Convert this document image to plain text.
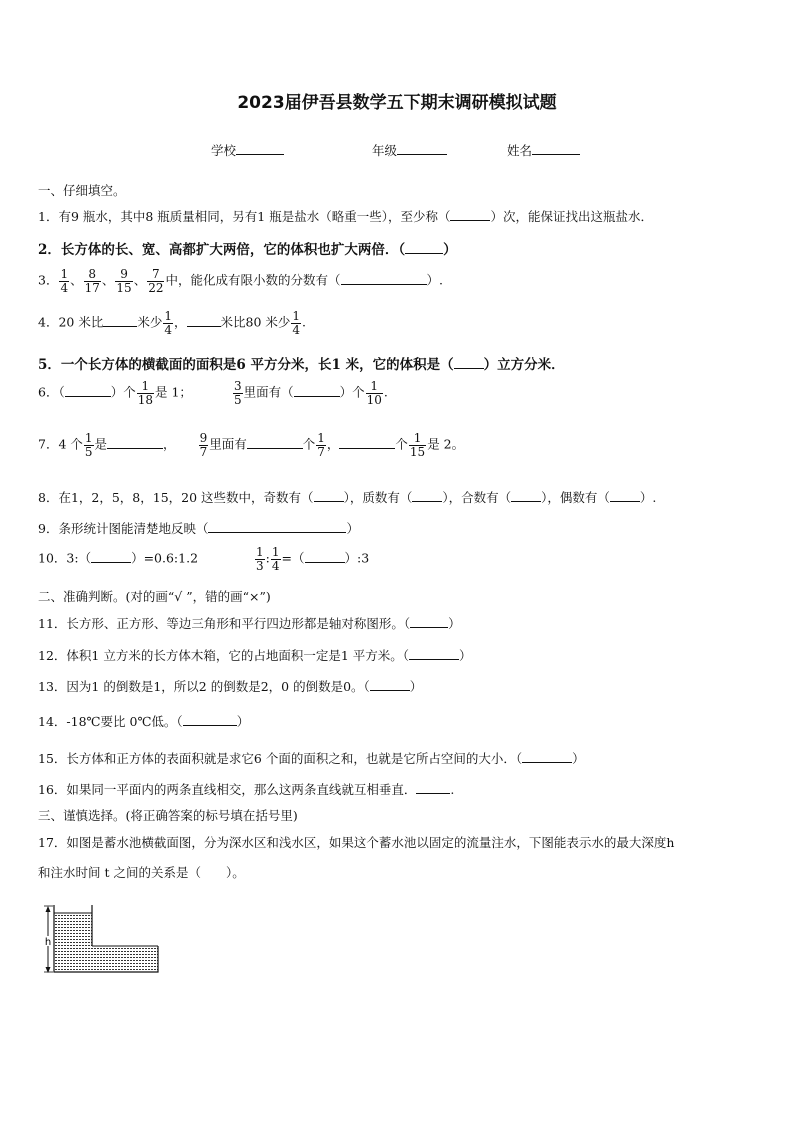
2023届伊吾县数学五下期末调研模拟试题
学校	年级	姓名
一、仔细填空。
1．有9 瓶水，其中8 瓶质量相同，另有1 瓶是盐水（略重一些），至少称（	）次，能保证找出这瓶盐水．
2．长方体的长、宽、高都扩大两倍，它的体积也扩大两倍．（	）
3． $\frac{1}{4}$ 、 $\frac{8}{17}$ 、 $\frac{9}{15}$ 、 $\frac{7}{22}$ 中，能化成有限小数的分数有（	）.
4．20 米比	米少 $\frac{1}{4}$ ，	米比80 米少 $\frac{1}{4}$ .
5．一个长方体的横截面的面积是6 平方分米，长1 米，它的体积是（ ）立方分米．
6．（	）个 $\frac{1}{18}$ 是 1；	$\frac{3}{5}$ 里面有（	）个 $\frac{1}{10}$ .
7．4 个 $\frac{1}{5}$ 是	， $\frac{9}{7}$ 里面有	个 $\frac{1}{7}$ ，	个 $\frac{1}{15}$ 是 2。
8．在1，2，5，8，15，20 这些数中，奇数有（ ），质数有（ ），合数有（ ），偶数有（ ）.
9．条形统计图能清楚地反映（	）
10．3:（	）=0.6:1.2	$\frac{1}{3}$ : $\frac{1}{4}$ =（	）:3
二、准确判断。(对的画“√ ”，错的画“×”)
11．长方形、正方形、等边三角形和平行四边形都是轴对称图形。（	）
12．体积1 立方米的长方体木箱，它的占地面积一定是1 平方米。（	）
13．因为1 的倒数是1，所以2 的倒数是2，0 的倒数是0。（	）
14．-18℃要比 0℃低。（	）
15．长方体和正方体的表面积就是求它6 个面的面积之和，也就是它所占空间的大小．（	）
16．如果同一平面内的两条直线相交，那么这两条直线就互相垂直．	.
三、谨慎选择。(将正确答案的标号填在括号里)
17．如图是蓄水池横截面图，分为深水区和浅水区，如果这个蓄水池以固定的流量注水，下图能表示水的最大深度h
和注水时间 t 之间的关系是（　　）。
h
